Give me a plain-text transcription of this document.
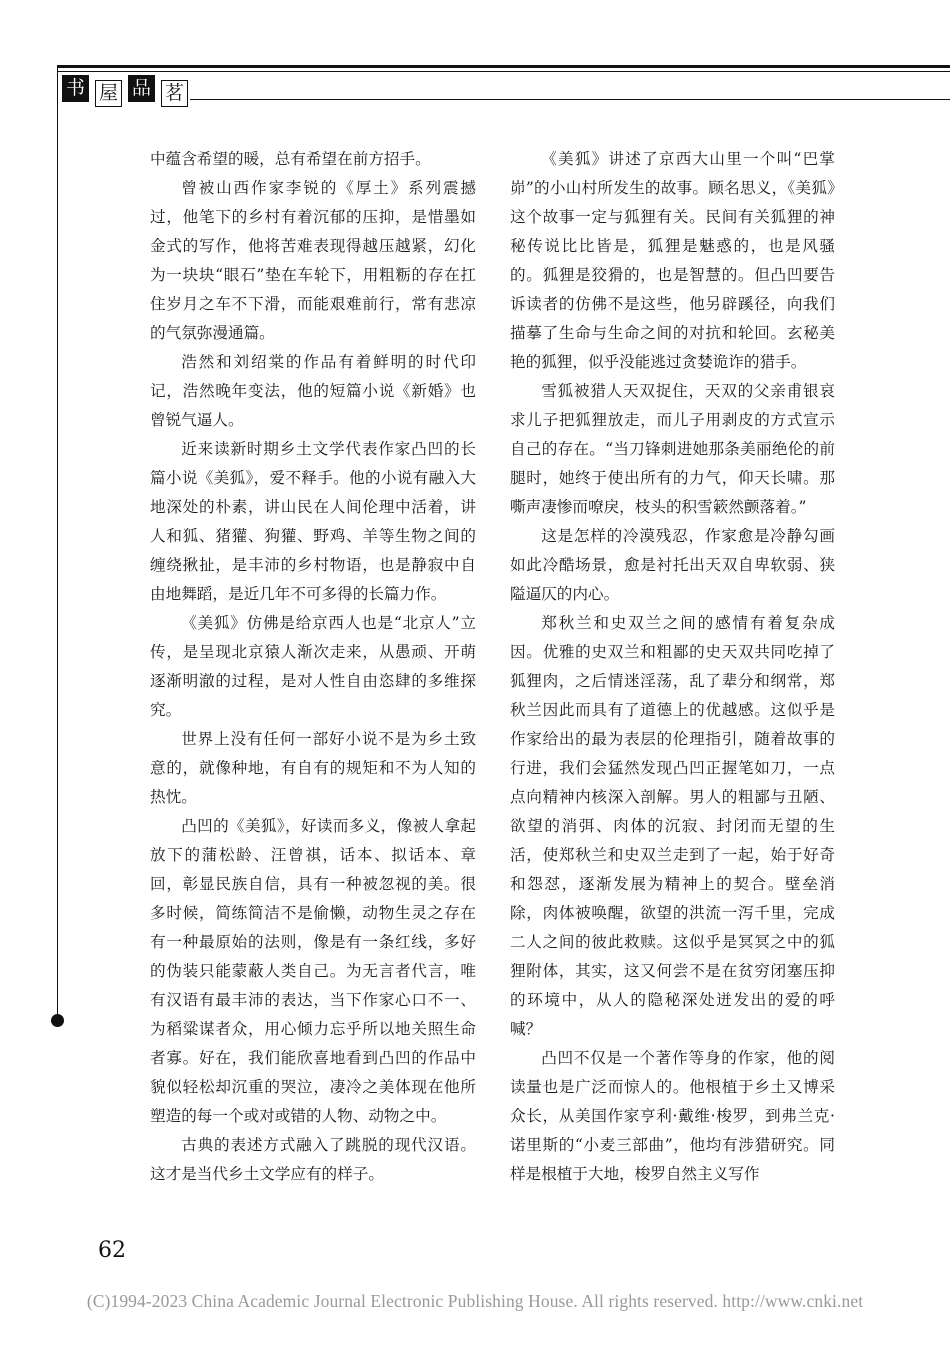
书 屋 品 茗

中蕴含希望的暖，总有希望在前方招手。

曾被山西作家李锐的《厚土》系列震撼过，他笔下的乡村有着沉郁的压抑，是惜墨如金式的写作，他将苦难表现得越压越紧，幻化为一块块“眼石”垫在车轮下，用粗粝的存在扛住岁月之车不下滑，而能艰难前行，常有悲凉的气氛弥漫通篇。

浩然和刘绍棠的作品有着鲜明的时代印记，浩然晚年变法，他的短篇小说《新婚》也曾锐气逼人。

近来读新时期乡土文学代表作家凸凹的长篇小说《美狐》，爱不释手。他的小说有融入大地深处的朴素，讲山民在人间伦理中活着，讲人和狐、猪獾、狗獾、野鸡、羊等生物之间的缠绕揪扯，是丰沛的乡村物语，也是静寂中自由地舞蹈，是近几年不可多得的长篇力作。

《美狐》仿佛是给京西人也是“北京人”立传，是呈现北京猿人渐次走来，从愚顽、开萌逐渐明澈的过程，是对人性自由恣肆的多维探究。

世界上没有任何一部好小说不是为乡土致意的，就像种地，有自有的规矩和不为人知的热忱。

凸凹的《美狐》，好读而多义，像被人拿起放下的蒲松龄、汪曾祺，话本、拟话本、章回，彰显民族自信，具有一种被忽视的美。很多时候，简练简洁不是偷懒，动物生灵之存在有一种最原始的法则，像是有一条红线，多好的伪装只能蒙蔽人类自己。为无言者代言，唯有汉语有最丰沛的表达，当下作家心口不一、为稻粱谋者众，用心倾力忘乎所以地关照生命者寡。好在，我们能欣喜地看到凸凹的作品中貌似轻松却沉重的哭泣，凄冷之美体现在他所塑造的每一个或对或错的人物、动物之中。

古典的表述方式融入了跳脱的现代汉语。这才是当代乡土文学应有的样子。

《美狐》讲述了京西大山里一个叫“巴掌峁”的小山村所发生的故事。顾名思义，《美狐》这个故事一定与狐狸有关。民间有关狐狸的神秘传说比比皆是，狐狸是魅惑的，也是风骚的。狐狸是狡猾的，也是智慧的。但凸凹要告诉读者的仿佛不是这些，他另辟蹊径，向我们描摹了生命与生命之间的对抗和轮回。玄秘美艳的狐狸，似乎没能逃过贪婪诡诈的猎手。

雪狐被猎人天双捉住，天双的父亲甫银哀求儿子把狐狸放走，而儿子用剥皮的方式宣示自己的存在。“当刀锋刺进她那条美丽绝伦的前腿时，她终于使出所有的力气，仰天长啸。那嘶声凄惨而嘹戾，枝头的积雪簌然颤落着。”

这是怎样的冷漠残忍，作家愈是冷静勾画如此冷酷场景，愈是衬托出天双自卑软弱、狭隘逼仄的内心。

郑秋兰和史双兰之间的感情有着复杂成因。优雅的史双兰和粗鄙的史天双共同吃掉了狐狸肉，之后情迷淫荡，乱了辈分和纲常，郑秋兰因此而具有了道德上的优越感。这似乎是作家给出的最为表层的伦理指引，随着故事的行进，我们会猛然发现凸凹正握笔如刀，一点点向精神内核深入剖解。男人的粗鄙与丑陋、欲望的消弭、肉体的沉寂、封闭而无望的生活，使郑秋兰和史双兰走到了一起，始于好奇和怨怼，逐渐发展为精神上的契合。壁垒消除，肉体被唤醒，欲望的洪流一泻千里，完成二人之间的彼此救赎。这似乎是冥冥之中的狐狸附体，其实，这又何尝不是在贫穷闭塞压抑的环境中，从人的隐秘深处迸发出的爱的呼喊？

凸凹不仅是一个著作等身的作家，他的阅读量也是广泛而惊人的。他根植于乡土又博采众长，从美国作家亨利·戴维·梭罗，到弗兰克·诺里斯的“小麦三部曲”，他均有涉猎研究。同样是根植于大地，梭罗自然主义写作

62
(C)1994-2023 China Academic Journal Electronic Publishing House. All rights reserved. http://www.cnki.net
